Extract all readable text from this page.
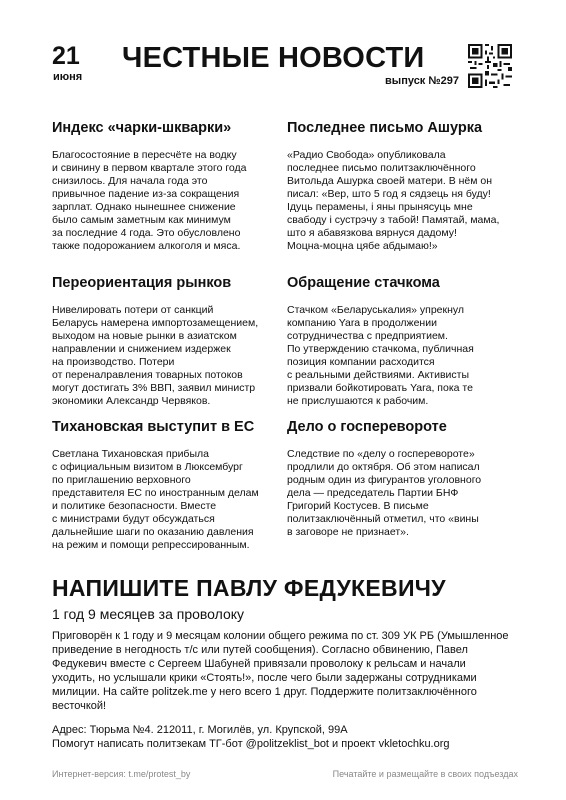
21
июня
ЧЕСТНЫЕ НОВОСТИ
выпуск №297
Индекс «чарки-шкварки»
Благосостояние в пересчёте на водку
и свинину в первом квартале этого года
снизилось. Для начала года это
привычное падение из-за сокращения
зарплат. Однако нынешнее снижение
было самым заметным как минимум
за последние 4 года. Это обусловлено
также подорожанием алкоголя и мяса.
Последнее письмо Ашурка
«Радио Свобода» опубликовала
последнее письмо политзаключённого
Витольда Ашурка своей матери. В нём он
писал: «Вер, што 5 год я сядзець ня буду!
Ідуць перамены, і яны прынясуць мне
свабоду і сустрэчу з табой! Памятай, мама,
што я абавязкова вярнуся дадому!
Моцна-моцна цябе абдымаю!»
Переориентация рынков
Нивелировать потери от санкций
Беларусь намерена импортозамещением,
выходом на новые рынки в азиатском
направлении и снижением издержек
на производство. Потери
от переналравления товарных потоков
могут достигать 3% ВВП, заявил министр
экономики Александр Червяков.
Обращение стачкома
Стачком «Беларуськалия» упрекнул
компанию Yara в продолжении
сотрудничества с предприятием.
По утверждению стачкома, публичная
позиция компании расходится
с реальными действиями. Активисты
призвали бойкотировать Yara, пока те
не прислушаются к рабочим.
Тихановская выступит в ЕС
Светлана Тихановская прибыла
с официальным визитом в Люксембург
по приглашению верховного
представителя ЕС по иностранным делам
и политике безопасности. Вместе
с министрами будут обсуждаться
дальнейшие шаги по оказанию давления
на режим и помощи репрессированным.
Дело о госперевороте
Следствие по «делу о госперевороте»
продлили до октября. Об этом написал
родным один из фигурантов уголовного
дела — председатель Партии БНФ
Григорий Костусев. В письме
политзаключённый отметил, что «вины
в заговоре не признает».
НАПИШИТЕ ПАВЛУ ФЕДУКЕВИЧУ
1 год 9 месяцев за проволоку
Приговорён к 1 году и 9 месяцам колонии общего режима по ст. 309 УК РБ (Умышленное
приведение в негодность т/с или путей сообщения). Согласно обвинению, Павел
Федукевич вместе с Сергеем Шабуней привязали проволоку к рельсам и начали
уходить, но услышали крики «Стоять!», после чего были задержаны сотрудниками
милиции. На сайте politzek.me у него всего 1 друг. Поддержите политзаключённого
весточкой!
Адрес: Тюрьма №4. 212011, г. Могилёв, ул. Крупской, 99А
Помогут написать политзекам ТГ-бот @politzeklist_bot и проект vkletochku.org
Интернет-версия: t.me/protest_by	Печатайте и размещайте в своих подъездах
